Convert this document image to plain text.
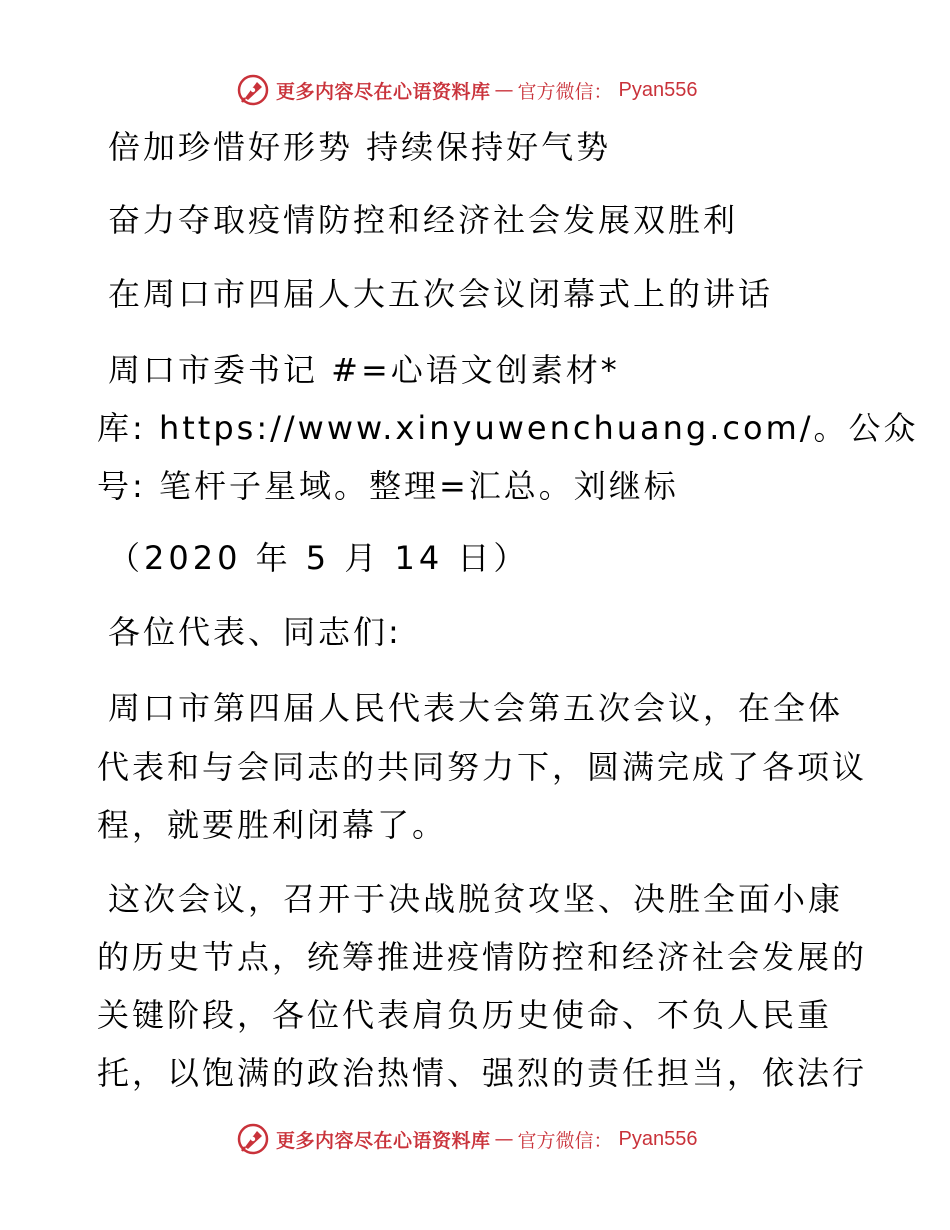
更多内容尽在心语资料库 — 官方微信： Pyan556
倍加珍惜好形势 持续保持好气势
奋力夺取疫情防控和经济社会发展双胜利
在周口市四届人大五次会议闭幕式上的讲话
周口市委书记 #=心语文创素材*
库: https://www.xinyuwenchuang.com/。公众
号: 笔杆子星域。整理=汇总。刘继标
（2020 年 5 月 14 日）
各位代表、同志们:
周口市第四届人民代表大会第五次会议，在全体
代表和与会同志的共同努力下，圆满完成了各项议
程，就要胜利闭幕了。
这次会议，召开于决战脱贫攻坚、决胜全面小康
的历史节点，统筹推进疫情防控和经济社会发展的
关键阶段，各位代表肩负历史使命、不负人民重
托，以饱满的政治热情、强烈的责任担当，依法行
更多内容尽在心语资料库 — 官方微信： Pyan556
